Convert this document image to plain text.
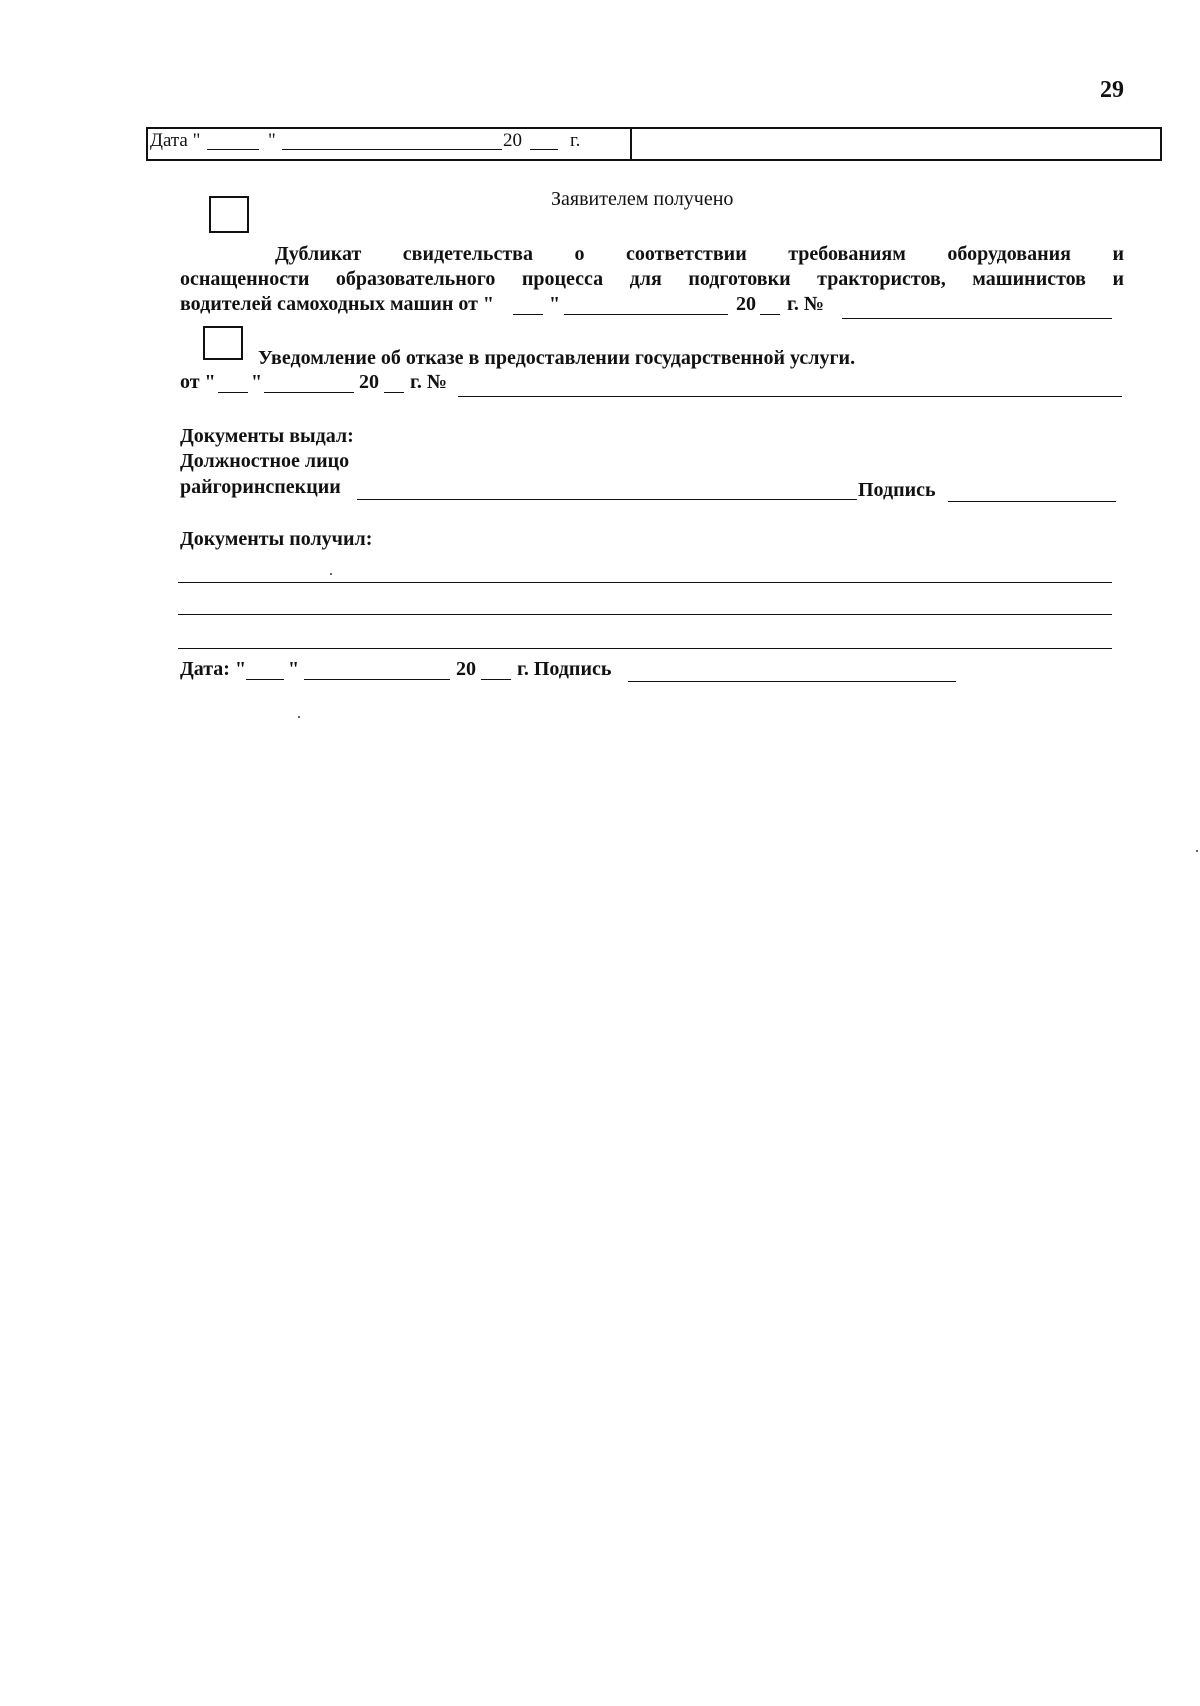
29
Дата "	"	20	г.
Заявителем получено
Дубликат свидетельства о соответствии требованиям оборудования и
оснащенности образовательного процесса для подготовки трактористов, машинистов и
водителей самоходных машин от "	"	20 г. №
Уведомление об отказе в предоставлении государственной услуги.
от " "	20 г. №
Документы выдал:
Должностное лицо
райгоринспекции	Подпись
Документы получил:
Дата: " "	20 г. Подпись
